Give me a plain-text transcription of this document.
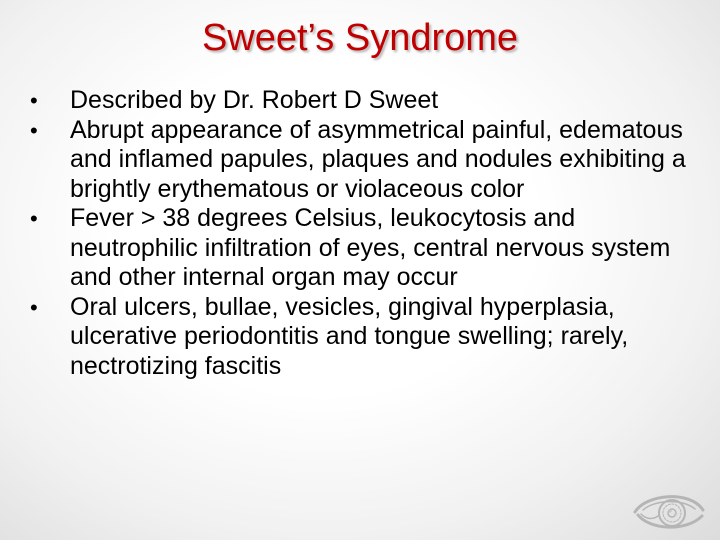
Sweet’s Syndrome
•	Described by Dr. Robert D Sweet
•	Abrupt appearance of asymmetrical painful, edematous and inflamed papules, plaques and nodules exhibiting a brightly erythematous or violaceous color
•	Fever > 38 degrees Celsius, leukocytosis and neutrophilic infiltration of eyes, central nervous system and other internal organ may occur
•	Oral ulcers, bullae, vesicles, gingival hyperplasia, ulcerative periodontitis and tongue swelling; rarely, nectrotizing fascitis
